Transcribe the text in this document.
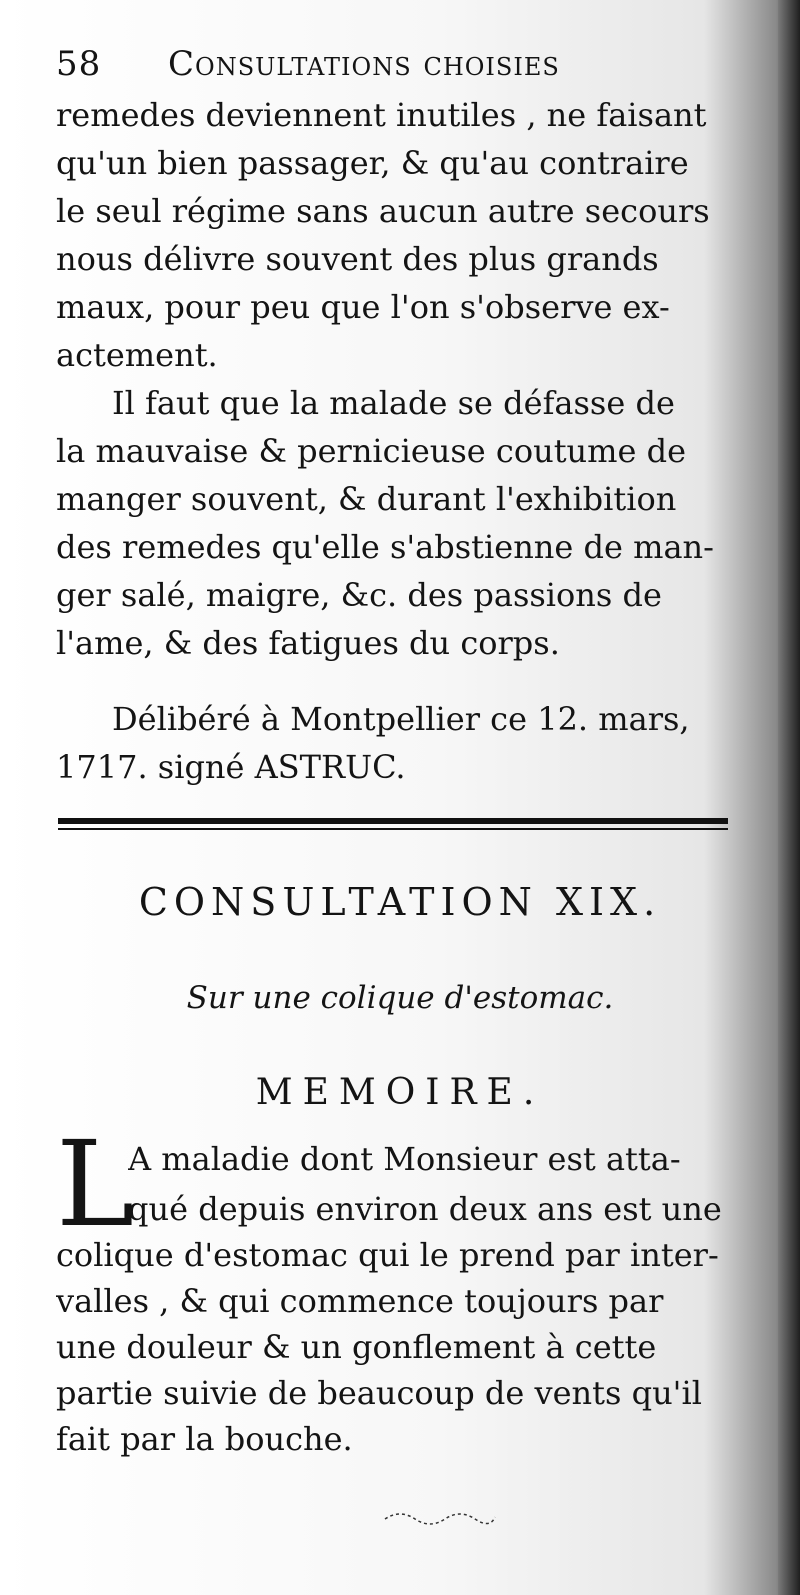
58 Consultations choisies
remedes deviennent inutiles , ne faisant
qu'un bien passager, & qu'au contraire
le seul régime sans aucun autre secours
nous délivre souvent des plus grands
maux, pour peu que l'on s'observe ex-
actement.
Il faut que la malade se défasse de
la mauvaise & pernicieuse coutume de
manger souvent, & durant l'exhibition
des remedes qu'elle s'abstienne de man-
ger salé, maigre, &c. des passions de
l'ame, & des fatigues du corps.
Délibéré à Montpellier ce 12. mars,
1717. signé ASTRUC.
CONSULTATION XIX.
Sur une colique d'estomac.
MEMOIRE.
L
A maladie dont Monsieur est atta-
qué depuis environ deux ans est une
colique d'estomac qui le prend par inter-
valles , & qui commence toujours par
une douleur & un gonflement à cette
partie suivie de beaucoup de vents qu'il
fait par la bouche.
